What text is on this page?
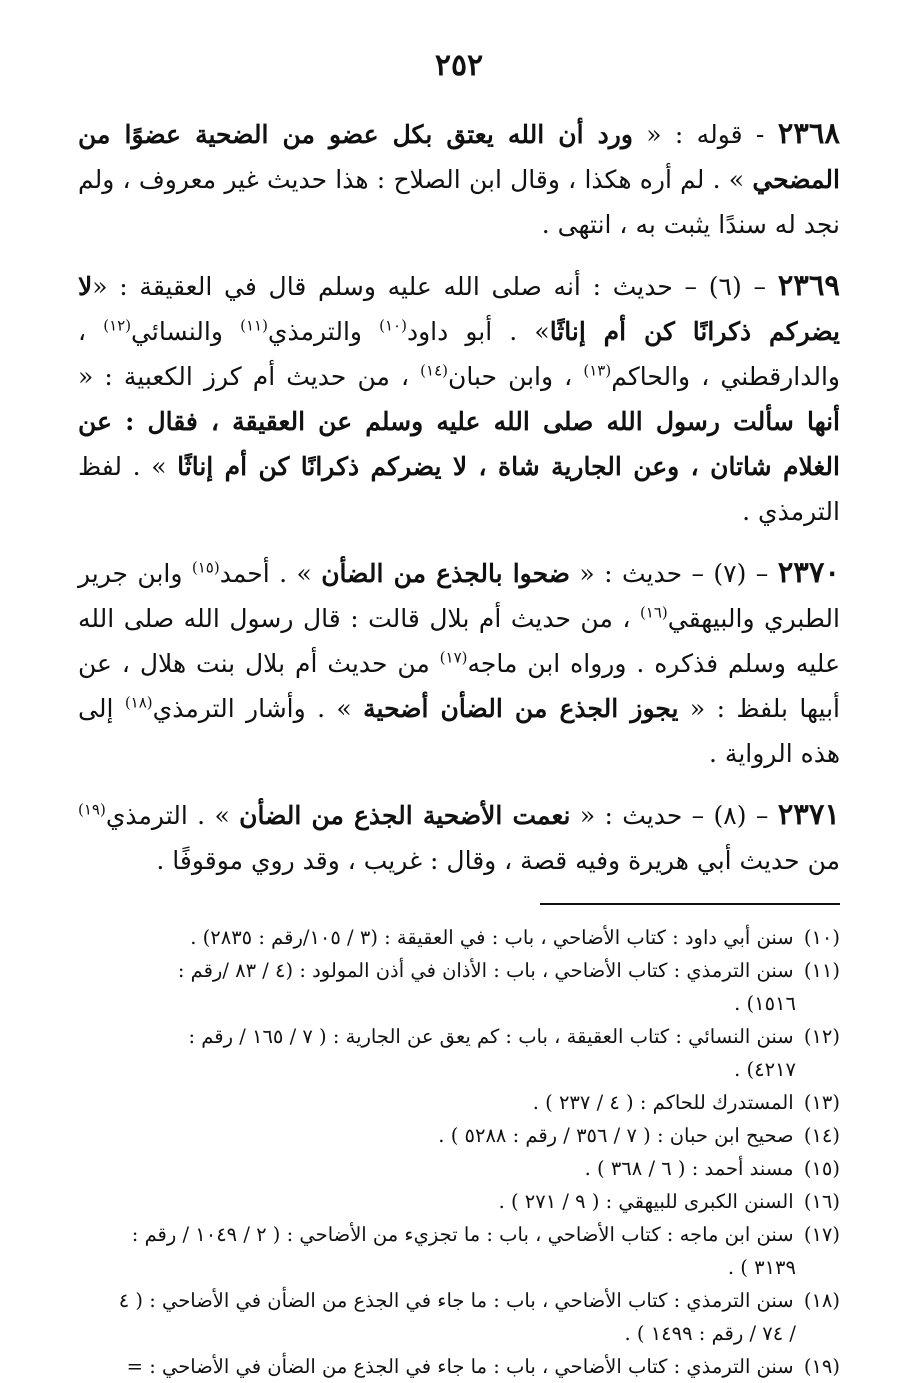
٢٥٢
٢٣٦٨ - قوله : « ورد أن الله يعتق بكل عضو من الضحية عضوًا من المضحي » . لم أره هكذا ، وقال ابن الصلاح : هذا حديث غير معروف ، ولم نجد له سندًا يثبت به ، انتهى .
٢٣٦٩ – (٦) – حديث : أنه صلى الله عليه وسلم قال في العقيقة : «لا يضركم ذكرانًا كن أم إناثًا» . أبو داود$^{(١٠)}$ والترمذي$^{(١١)}$ والنسائي$^{(١٢)}$ ، والدارقطني ، والحاكم$^{(١٣)}$ ، وابن حبان$^{(١٤)}$ ، من حديث أم كرز الكعبية : « أنها سألت رسول الله صلى الله عليه وسلم عن العقيقة ، فقال : عن الغلام شاتان ، وعن الجارية شاة ، لا يضركم ذكرانًا كن أم إناثًا » . لفظ الترمذي .
٢٣٧٠ – (٧) – حديث : « ضحوا بالجذع من الضأن » . أحمد$^{(١٥)}$ وابن جرير الطبري والبيهقي$^{(١٦)}$ ، من حديث أم بلال قالت : قال رسول الله صلى الله عليه وسلم فذكره . ورواه ابن ماجه$^{(١٧)}$ من حديث أم بلال بنت هلال ، عن أبيها بلفظ : « يجوز الجذع من الضأن أضحية » . وأشار الترمذي$^{(١٨)}$ إلى هذه الرواية .
٢٣٧١ – (٨) – حديث : « نعمت الأضحية الجذع من الضأن » . الترمذي$^{(١٩)}$ من حديث أبي هريرة وفيه قصة ، وقال : غريب ، وقد روي موقوفًا .
(١٠) سنن أبي داود : كتاب الأضاحي ، باب : في العقيقة : (٣ / ١٠٥/رقم : ٢٨٣٥) .
(١١) سنن الترمذي : كتاب الأضاحي ، باب : الأذان في أذن المولود : (٤ / ٨٣ /رقم :
١٥١٦) .
(١٢) سنن النسائي : كتاب العقيقة ، باب : كم يعق عن الجارية : ( ٧ / ١٦٥ / رقم :
٤٢١٧) .
(١٣) المستدرك للحاكم : ( ٤ / ٢٣٧ ) .
(١٤) صحيح ابن حبان : ( ٧ / ٣٥٦ / رقم : ٥٢٨٨ ) .
(١٥) مسند أحمد : ( ٦ / ٣٦٨ ) .
(١٦) السنن الكبرى للبيهقي : ( ٩ / ٢٧١ ) .
(١٧) سنن ابن ماجه : كتاب الأضاحي ، باب : ما تجزيء من الأضاحي : ( ٢ / ١٠٤٩ / رقم :
٣١٣٩ ) .
(١٨) سنن الترمذي : كتاب الأضاحي ، باب : ما جاء في الجذع من الضأن في الأضاحي : ( ٤
/ ٧٤ / رقم : ١٤٩٩ ) .
(١٩) سنن الترمذي : كتاب الأضاحي ، باب : ما جاء في الجذع من الضأن في الأضاحي : =
